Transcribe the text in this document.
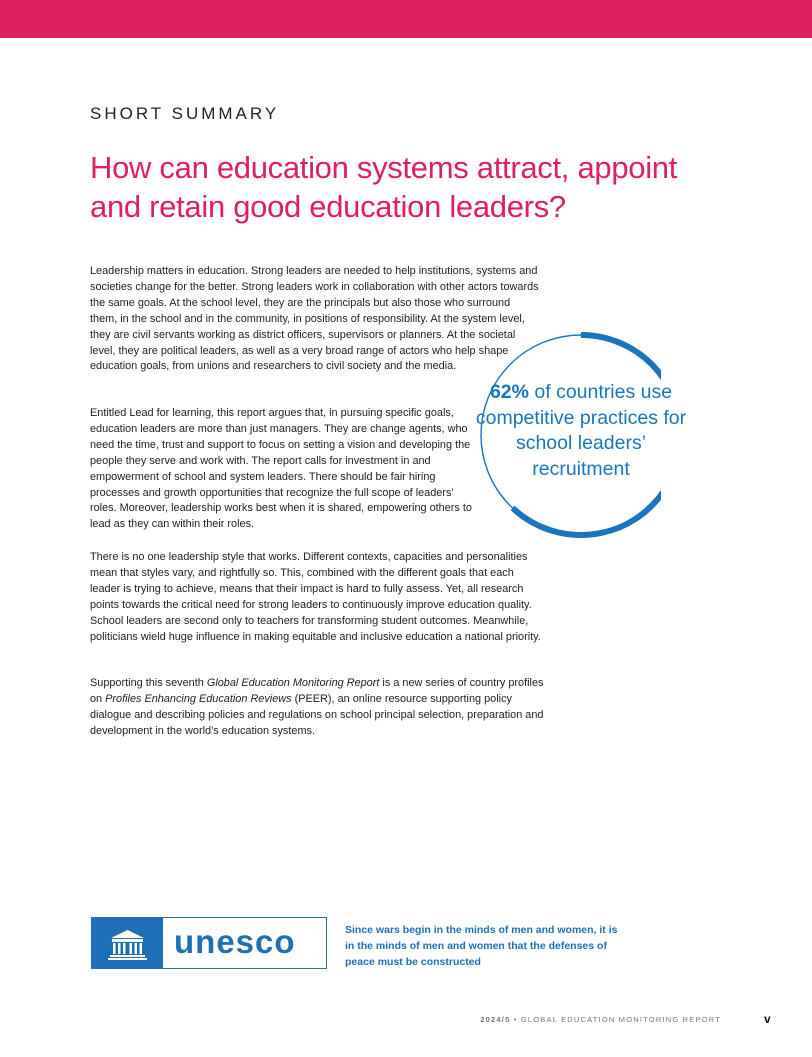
SHORT SUMMARY
How can education systems attract, appoint and retain good education leaders?

Leadership matters in education. Strong leaders are needed to help institutions, systems and societies change for the better. Strong leaders work in collaboration with other actors towards the same goals. At the school level, they are the principals but also those who surround them, in the school and in the community, in positions of responsibility. At the system level, they are civil servants working as district officers, supervisors or planners. At the societal level, they are political leaders, as well as a very broad range of actors who help shape education goals, from unions and researchers to civil society and the media.

Entitled Lead for learning, this report argues that, in pursuing specific goals, education leaders are more than just managers. They are change agents, who need the time, trust and support to focus on setting a vision and developing the people they serve and work with. The report calls for investment in and empowerment of school and system leaders. There should be fair hiring processes and growth opportunities that recognize the full scope of leaders’ roles. Moreover, leadership works best when it is shared, empowering others to lead as they can within their roles.

There is no one leadership style that works. Different contexts, capacities and personalities mean that styles vary, and rightfully so. This, combined with the different goals that each leader is trying to achieve, means that their impact is hard to fully assess. Yet, all research points towards the critical need for strong leaders to continuously improve education quality. School leaders are second only to teachers for transforming student outcomes. Meanwhile, politicians wield huge influence in making equitable and inclusive education a national priority.

Supporting this seventh Global Education Monitoring Report is a new series of country profiles on Profiles Enhancing Education Reviews (PEER), an online resource supporting policy dialogue and describing policies and regulations on school principal selection, preparation and development in the world’s education systems.

62% of countries use competitive practices for school leaders’ recruitment
unesco	Since wars begin in the minds of men and women, it is in the minds of men and women that the defenses of peace must be constructed
2024/5 • GLOBAL EDUCATION MONITORING REPORT	v
